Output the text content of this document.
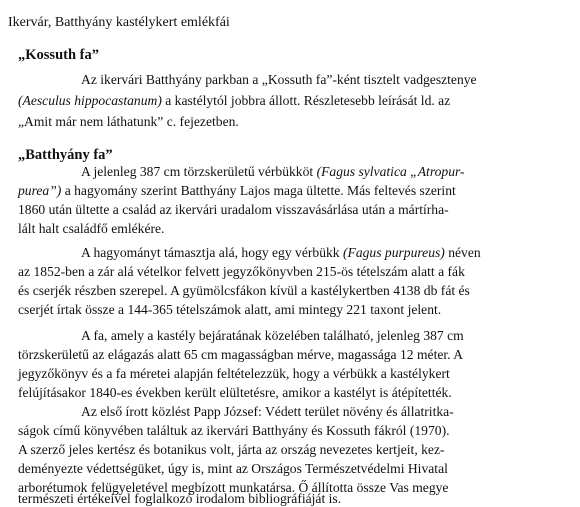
Ikervár, Batthyány kastélykert emlékfái
„Kossuth fa”
Az ikervári Batthyány parkban a „Kossuth fa”-ként tisztelt vadgesztenye
(Aesculus hippocastanum) a kastélytól jobbra állott. Részletesebb leírását ld. az
„Amit már nem láthatunk” c. fejezetben.
„Batthyány fa”
A jelenleg 387 cm törzskerületű vérbükköt (Fagus sylvatica „Atropur-
purea”) a hagyomány szerint Batthyány Lajos maga ültette. Más feltevés szerint
1860 után ültette a család az ikervári uradalom visszavásárlása után a mártírha-
lált halt családfő emlékére.
A hagyományt támasztja alá, hogy egy vérbükk (Fagus purpureus) néven
az 1852-ben a zár alá vételkor felvett jegyzőkönyvben 215-ös tételszám alatt a fák
és cserjék részben szerepel. A gyümölcsfákon kívül a kastélykertben 4138 db fát és
cserjét írtak össze a 144-365 tételszámok alatt, ami mintegy 221 taxont jelent.
A fa, amely a kastély bejáratának közelében található, jelenleg 387 cm
törzskerületű az elágazás alatt 65 cm magasságban mérve, magassága 12 méter. A
jegyzőkönyv és a fa méretei alapján feltételezzük, hogy a vérbükk a kastélykert
felújításakor 1840-es években került elültetésre, amikor a kastélyt is átépítették.
Az első írott közlést Papp József: Védett terület növény és állatritka-
ságok című könyvében találtuk az ikervári Batthyány és Kossuth fákról (1970).
A szerző jeles kertész és botanikus volt, járta az ország nevezetes kertjeit, kez-
deményezte védettségüket, úgy is, mint az Országos Természetvédelmi Hivatal
arborétumok felügyeletével megbízott munkatársa. Ő állította össze Vas megye
természeti értékeivel foglalkozó irodalom bibliográfiáját is.
